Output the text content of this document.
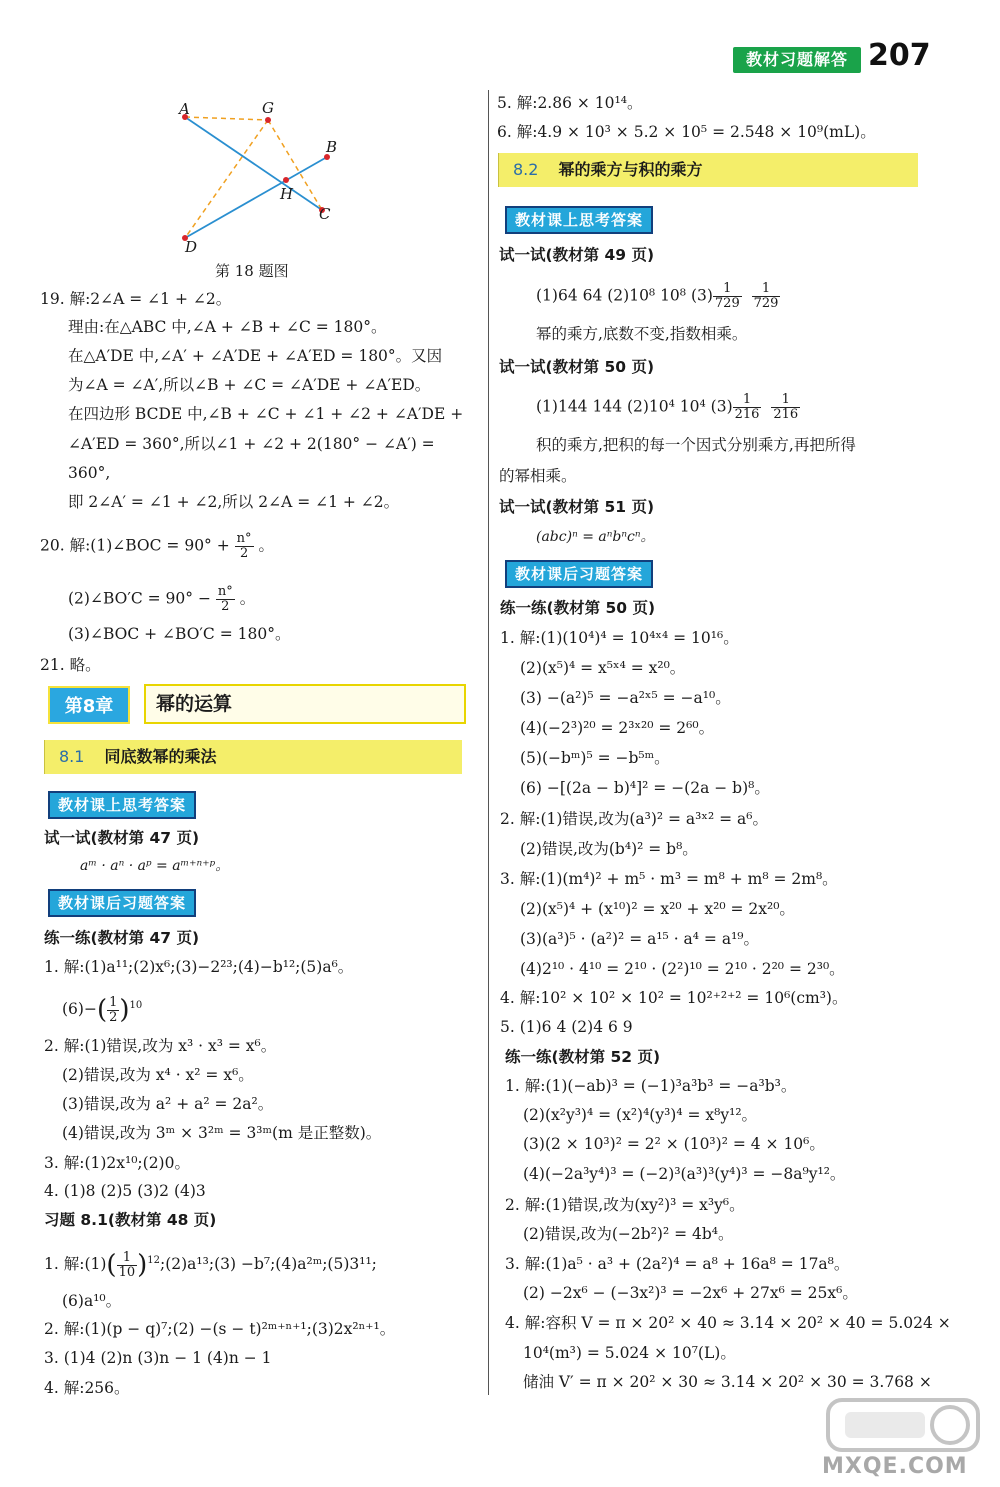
教材习题解答 207
A	G
B
H
C
D
第 18 题图
19. 解:2∠A = ∠1 + ∠2。
理由:在△ABC 中,∠A + ∠B + ∠C = 180°。
在△A′DE 中,∠A′ + ∠A′DE + ∠A′ED = 180°。又因
为∠A = ∠A′,所以∠B + ∠C = ∠A′DE + ∠A′ED。
在四边形 BCDE 中,∠B + ∠C + ∠1 + ∠2 + ∠A′DE +
∠A′ED = 360°,所以∠1 + ∠2 + 2(180° − ∠A′) =
360°,
即 2∠A′ = ∠1 + ∠2,所以 2∠A = ∠1 + ∠2。
20. 解:(1)∠BOC = $90^\circ + \frac{n^\circ}{2}$ 。
(2)∠BO′C = $90^\circ - \frac{n^\circ}{2}$ 。
(3)∠BOC + ∠BO′C = 180°。
21. 略。
第8章	幂的运算
8.1 同底数幂的乘法
教材课上思考答案
试一试(教材第 47 页)
aᵐ · aⁿ · aᵖ = aᵐ⁺ⁿ⁺ᵖ。
教材课后习题答案
练一练(教材第 47 页)
1. 解:(1)a¹¹;(2)x⁶;(3)−2²³;(4)−b¹²;(5)a⁶。
$(6)-( \frac{1}{2} )^{10}$
2. 解:(1)错误,改为 x³ · x³ = x⁶。
(2)错误,改为 x⁴ · x² = x⁶。
(3)错误,改为 a² + a² = 2a²。
(4)错误,改为 3ᵐ × 3²ᵐ = 3³ᵐ(m 是正整数)。
3. 解:(1)2x¹⁰;(2)0。
4. (1)8 (2)5 (3)2 (4)3
习题 8.1(教材第 48 页)
1. 解:(1)( $\frac{1}{10}$ )$^{12}$;(2)a¹³;(3) −b⁷;(4)a²ᵐ;(5)3¹¹;
(6)a¹⁰。
2. 解:(1)(p − q)⁷;(2) −(s − t)²ᵐ⁺ⁿ⁺¹;(3)2x²ⁿ⁺¹。
3. (1)4 (2)n (3)n − 1 (4)n − 1
4. 解:256。
5. 解:2.86 × 10¹⁴。
6. 解:4.9 × 10³ × 5.2 × 10⁵ = 2.548 × 10⁹(mL)。
8.2 幂的乘方与积的乘方
教材课上思考答案
试一试(教材第 49 页)
(1)64 64 (2)10⁸ 10⁸ $(3) \frac{1}{729}$
$\frac{1}{729}$
幂的乘方,底数不变,指数相乘。
试一试(教材第 50 页)
(1)144 144 (2)10⁴ 10⁴ $(3) \frac{1}{216}$
$\frac{1}{216}$
积的乘方,把积的每一个因式分别乘方,再把所得
的幂相乘。
试一试(教材第 51 页)
(abc)ⁿ = aⁿbⁿcⁿ。
教材课后习题答案
练一练(教材第 50 页)
1. 解:(1)(10⁴)⁴ = 10⁴ˣ⁴ = 10¹⁶。
(2)(x⁵)⁴ = x⁵ˣ⁴ = x²⁰。
(3) −(a²)⁵ = −a²ˣ⁵ = −a¹⁰。
(4)(−2³)²⁰ = 2³ˣ²⁰ = 2⁶⁰。
(5)(−bᵐ)⁵ = −b⁵ᵐ。
(6) −[(2a − b)⁴]² = −(2a − b)⁸。
2. 解:(1)错误,改为(a³)² = a³ˣ² = a⁶。
(2)错误,改为(b⁴)² = b⁸。
3. 解:(1)(m⁴)² + m⁵ · m³ = m⁸ + m⁸ = 2m⁸。
(2)(x⁵)⁴ + (x¹⁰)² = x²⁰ + x²⁰ = 2x²⁰。
(3)(a³)⁵ · (a²)² = a¹⁵ · a⁴ = a¹⁹。
(4)2¹⁰ · 4¹⁰ = 2¹⁰ · (2²)¹⁰ = 2¹⁰ · 2²⁰ = 2³⁰。
4. 解:10² × 10² × 10² = 10²⁺²⁺² = 10⁶(cm³)。
5. (1)6 4 (2)4 6 9
练一练(教材第 52 页)
1. 解:(1)(−ab)³ = (−1)³a³b³ = −a³b³。
(2)(x²y³)⁴ = (x²)⁴(y³)⁴ = x⁸y¹²。
(3)(2 × 10³)² = 2² × (10³)² = 4 × 10⁶。
(4)(−2a³y⁴)³ = (−2)³(a³)³(y⁴)³ = −8a⁹y¹²。
2. 解:(1)错误,改为(xy²)³ = x³y⁶。
(2)错误,改为(−2b²)² = 4b⁴。
3. 解:(1)a⁵ · a³ + (2a²)⁴ = a⁸ + 16a⁸ = 17a⁸。
(2) −2x⁶ − (−3x²)³ = −2x⁶ + 27x⁶ = 25x⁶。
4. 解:容积 V = π × 20² × 40 ≈ 3.14 × 20² × 40 = 5.024 ×
10⁴(m³) = 5.024 × 10⁷(L)。
储油 V′ = π × 20² × 30 ≈ 3.14 × 20² × 30 = 3.768 ×
MXQE.COM
